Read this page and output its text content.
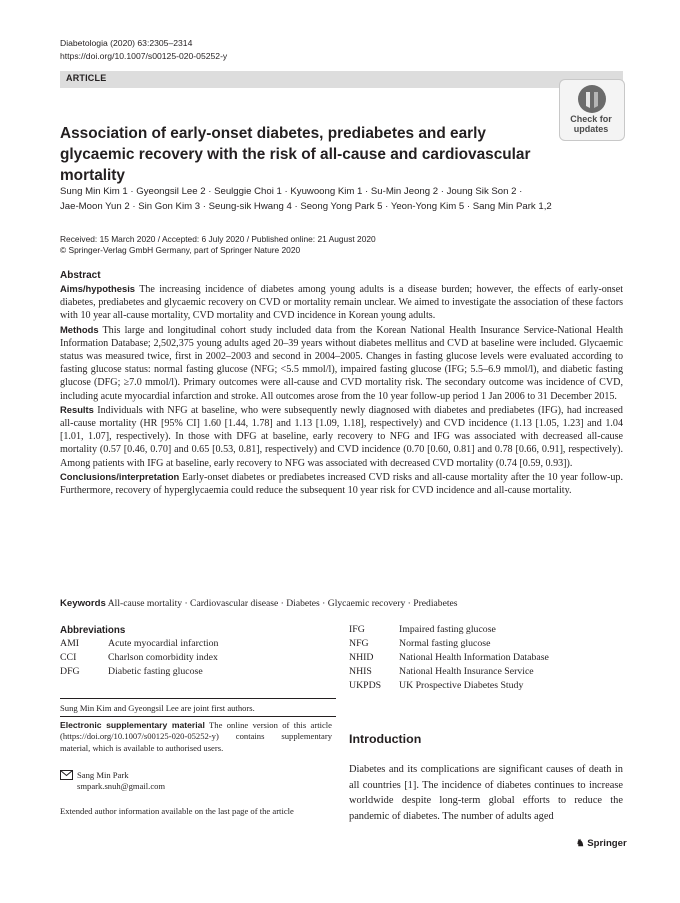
Diabetologia (2020) 63:2305–2314
https://doi.org/10.1007/s00125-020-05252-y
ARTICLE
Check for
updates
Association of early-onset diabetes, prediabetes and early glycaemic recovery with the risk of all-cause and cardiovascular mortality
Sung Min Kim 1 · Gyeongsil Lee 2 · Seulggie Choi 1 · Kyuwoong Kim 1 · Su-Min Jeong 2 · Joung Sik Son 2 ·
Jae-Moon Yun 2 · Sin Gon Kim 3 · Seung-sik Hwang 4 · Seong Yong Park 5 · Yeon-Yong Kim 5 · Sang Min Park 1,2
Received: 15 March 2020 / Accepted: 6 July 2020 / Published online: 21 August 2020
© Springer-Verlag GmbH Germany, part of Springer Nature 2020
Abstract
Aims/hypothesis The increasing incidence of diabetes among young adults is a disease burden; however, the effects of early-onset diabetes, prediabetes and glycaemic recovery on CVD or mortality remain unclear. We aimed to investigate the association of these factors with 10 year all-cause mortality, CVD mortality and CVD incidence in Korean young adults.
Methods This large and longitudinal cohort study included data from the Korean National Health Insurance Service-National Health Information Database; 2,502,375 young adults aged 20–39 years without diabetes mellitus and CVD at baseline were included. Glycaemic status was measured twice, first in 2002–2003 and second in 2004–2005. Changes in fasting glucose levels were evaluated according to fasting glucose status: normal fasting glucose (NFG; <5.5 mmol/l), impaired fasting glucose (IFG; 5.5–6.9 mmol/l), and diabetic fasting glucose (DFG; ≥7.0 mmol/l). Primary outcomes were all-cause and CVD mortality risk. The secondary outcome was incidence of CVD, including acute myocardial infarction and stroke. All outcomes arose from the 10 year follow-up period 1 Jan 2006 to 31 December 2015.
Results Individuals with NFG at baseline, who were subsequently newly diagnosed with diabetes and prediabetes (IFG), had increased all-cause mortality (HR [95% CI] 1.60 [1.44, 1.78] and 1.13 [1.09, 1.18], respectively) and CVD incidence (1.13 [1.05, 1.23] and 1.04 [1.01, 1.07], respectively). In those with DFG at baseline, early recovery to NFG and IFG was associated with decreased all-cause mortality (0.57 [0.46, 0.70] and 0.65 [0.53, 0.81], respectively) and CVD incidence (0.70 [0.60, 0.81] and 0.78 [0.66, 0.91], respectively). Among patients with IFG at baseline, early recovery to NFG was associated with decreased CVD mortality (0.74 [0.59, 0.93]).
Conclusions/interpretation Early-onset diabetes or prediabetes increased CVD risks and all-cause mortality after the 10 year follow-up. Furthermore, recovery of hyperglycaemia could reduce the subsequent 10 year risk for CVD incidence and all-cause mortality.
Keywords All-cause mortality · Cardiovascular disease · Diabetes · Glycaemic recovery · Prediabetes
Abbreviations
AMI	Acute myocardial infarction
CCI	Charlson comorbidity index
DFG	Diabetic fasting glucose
IFG	Impaired fasting glucose
NFG	Normal fasting glucose
NHID	National Health Information Database
NHIS	National Health Insurance Service
UKPDS	UK Prospective Diabetes Study
Sung Min Kim and Gyeongsil Lee are joint first authors.
Electronic supplementary material The online version of this article (https://doi.org/10.1007/s00125-020-05252-y) contains supplementary material, which is available to authorised users.
Sang Min Park
smpark.snuh@gmail.com
Extended author information available on the last page of the article
Introduction
Diabetes and its complications are significant causes of death in all countries [1]. The incidence of diabetes continues to increase worldwide despite long-term global efforts to reduce the pandemic of diabetes. The number of adults aged
♞ Springer
